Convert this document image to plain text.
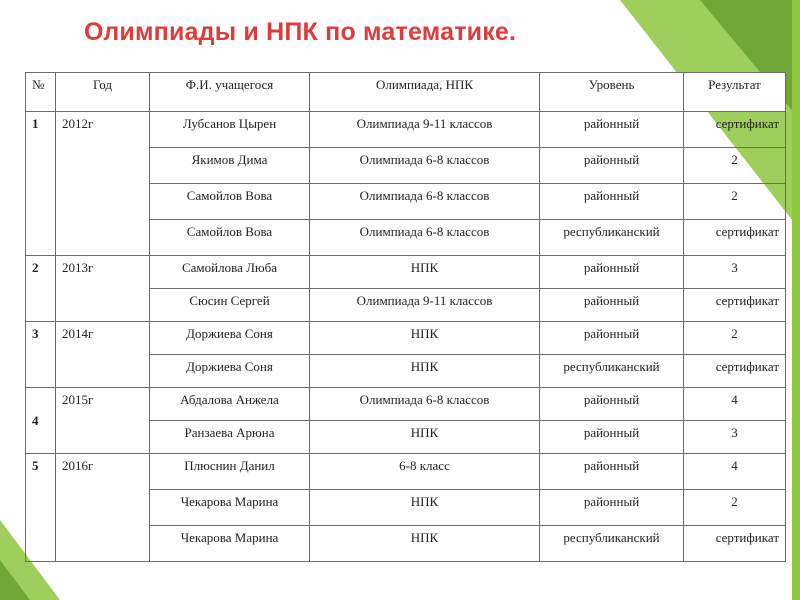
Олимпиады и НПК по математике.
№	Год	Ф.И. учащегося	Олимпиада, НПК	Уровень	Результат
1	2012г	Лубсанов Цырен	Олимпиада 9-11 классов	районный	сертификат
		Якимов Дима	Олимпиада 6-8 классов	районный	2
		Самойлов Вова	Олимпиада 6-8 классов	районный	2
		Самойлов Вова	Олимпиада 6-8 классов	республиканский	сертификат
2	2013г	Самойлова Люба	НПК	районный	3
		Сюсин Сергей	Олимпиада 9-11 классов	районный	сертификат
3	2014г	Доржиева Соня	НПК	районный	2
		Доржиева Соня	НПК	республиканский	сертификат
4	2015г	Абдалова Анжела	Олимпиада 6-8 классов	районный	4
		Ранзаева Арюна	НПК	районный	3
5	2016г	Плюснин Данил	6-8 класс	районный	4
		Чекарова Марина	НПК	районный	2
		Чекарова Марина	НПК	республиканский	сертификат
